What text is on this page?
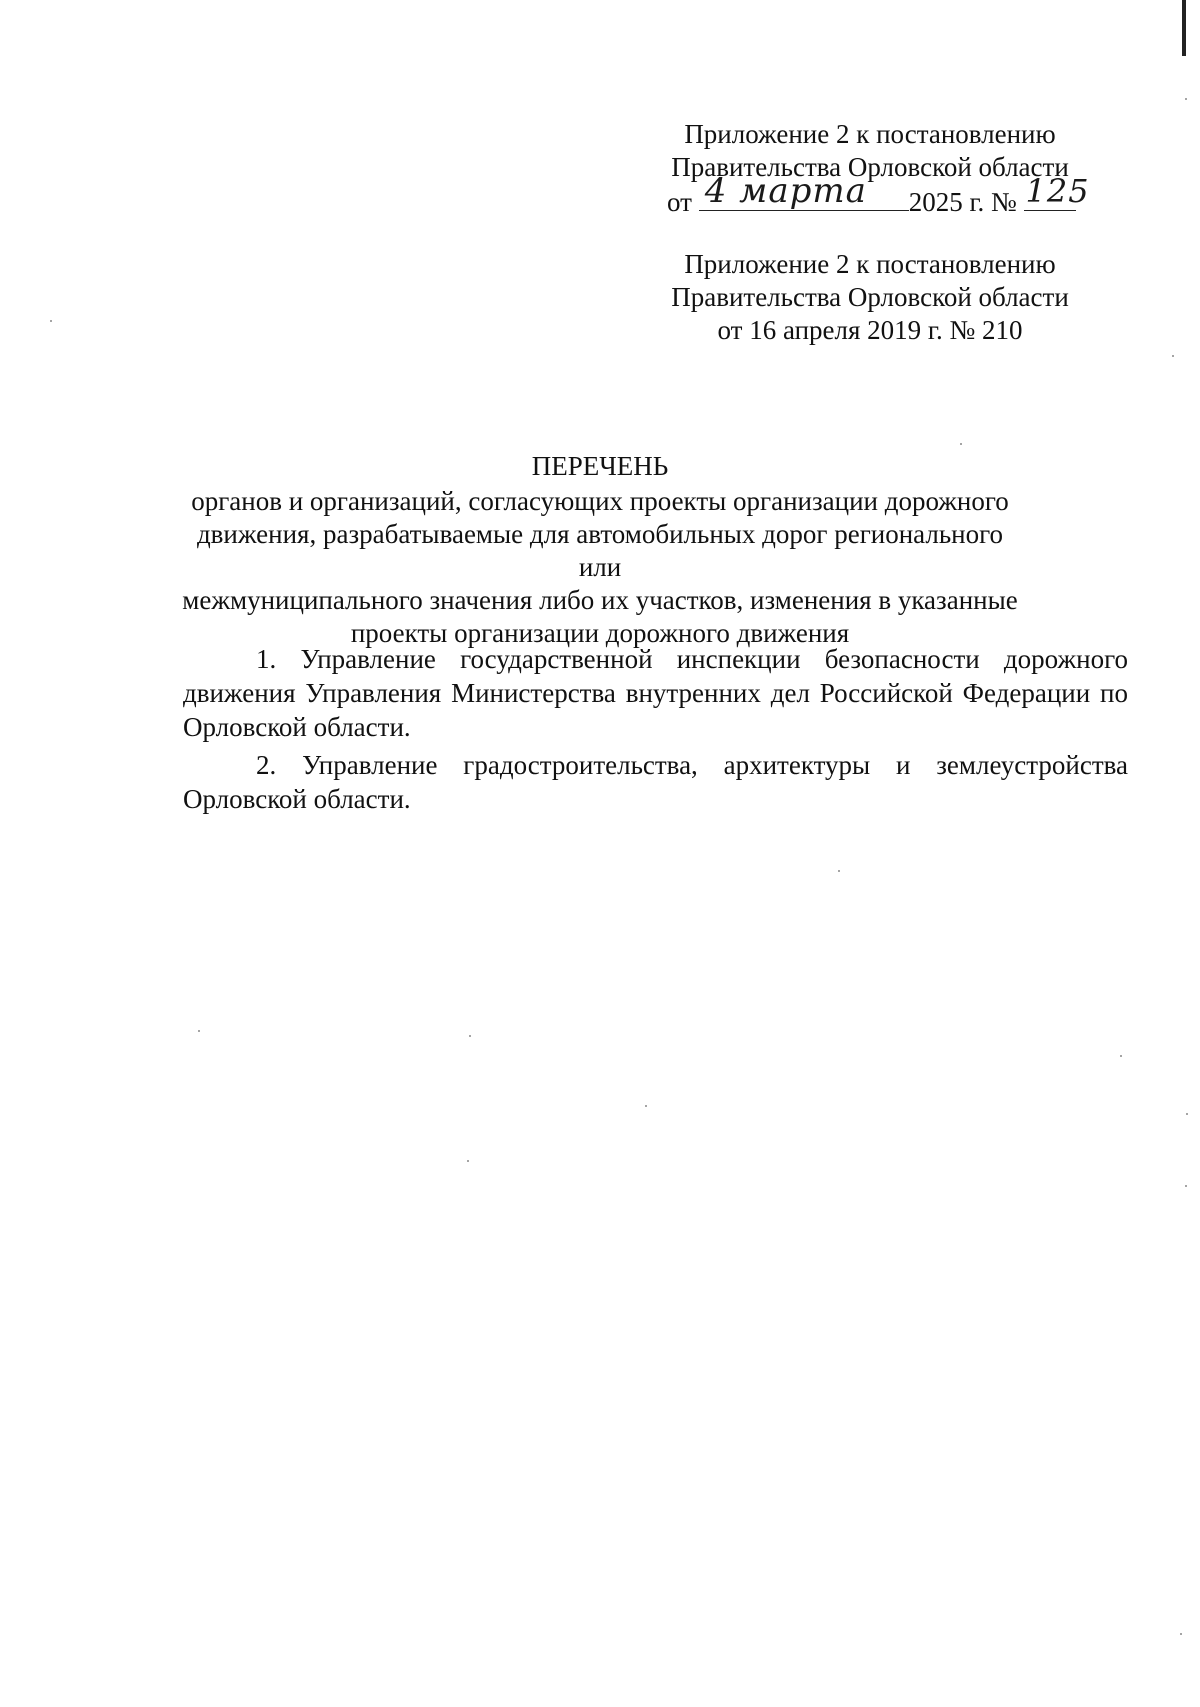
Приложение 2 к постановлению
Правительства Орловской области
от 4 марта 2025 г. № 125
Приложение 2 к постановлению
Правительства Орловской области
от 16 апреля 2019 г. № 210
ПЕРЕЧЕНЬ
органов и организаций, согласующих проекты организации дорожного
движения, разрабатываемые для автомобильных дорог регионального или
межмуниципального значения либо их участков, изменения в указанные
проекты организации дорожного движения

1. Управление государственной инспекции безопасности дорожного движения Управления Министерства внутренних дел Российской Федерации по Орловской области.

2. Управление градостроительства, архитектуры и землеустройства Орловской области.
